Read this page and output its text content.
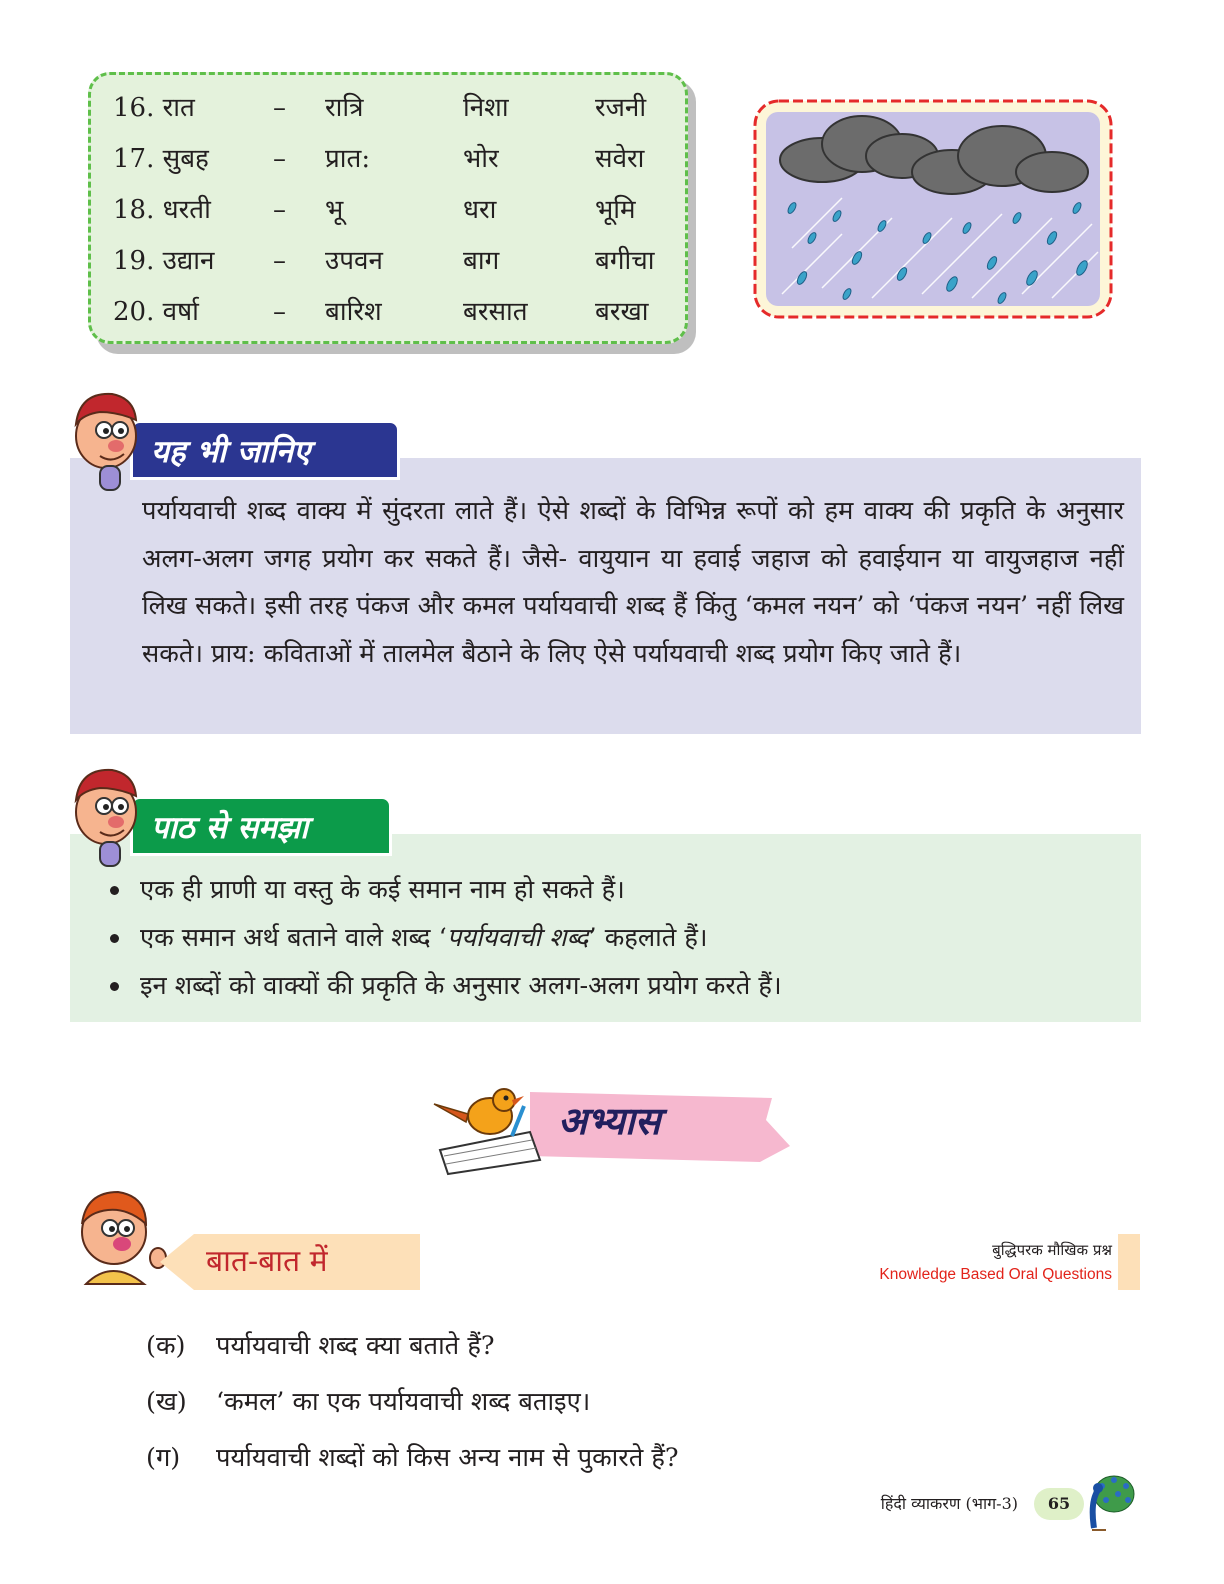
16. रात	– रात्रि	निशा	रजनी
17. सुबह – प्रात:	भोर	सवेरा
18. धरती – भू	धरा	भूमि
19. उद्यान – उपवन	बाग	बगीचा
20. वर्षा	– बारिश	बरसात	बरखा

पर्यायवाची शब्द वाक्य में सुंदरता लाते हैं। ऐसे शब्दों के विभिन्न रूपों को हम वाक्य की प्रकृति के अनुसार अलग-अलग जगह प्रयोग कर सकते हैं। जैसे- वायुयान या हवाई जहाज को हवाईयान या वायुजहाज नहीं लिख सकते। इसी तरह पंकज और कमल पर्यायवाची शब्द हैं किंतु ‘कमल नयन’ को ‘पंकज नयन’ नहीं लिख सकते। प्राय: कविताओं में तालमेल बैठाने के लिए ऐसे पर्यायवाची शब्द प्रयोग किए जाते हैं।

यह भी जानिए
एक ही प्राणी या वस्तु के कई समान नाम हो सकते हैं।
एक समान अर्थ बताने वाले शब्द ‘पर्यायवाची शब्द’ कहलाते हैं।
इन शब्दों को वाक्यों की प्रकृति के अनुसार अलग-अलग प्रयोग करते हैं।
पाठ से समझा
अभ्यास
बात-बात में	बुद्धिपरक मौखिक प्रश्न
Knowledge Based Oral Questions
(क) पर्यायवाची शब्द क्या बताते हैं?
(ख) ‘कमल’ का एक पर्यायवाची शब्द बताइए।
(ग) पर्यायवाची शब्दों को किस अन्य नाम से पुकारते हैं?
हिंदी व्याकरण (भाग-3)	65
